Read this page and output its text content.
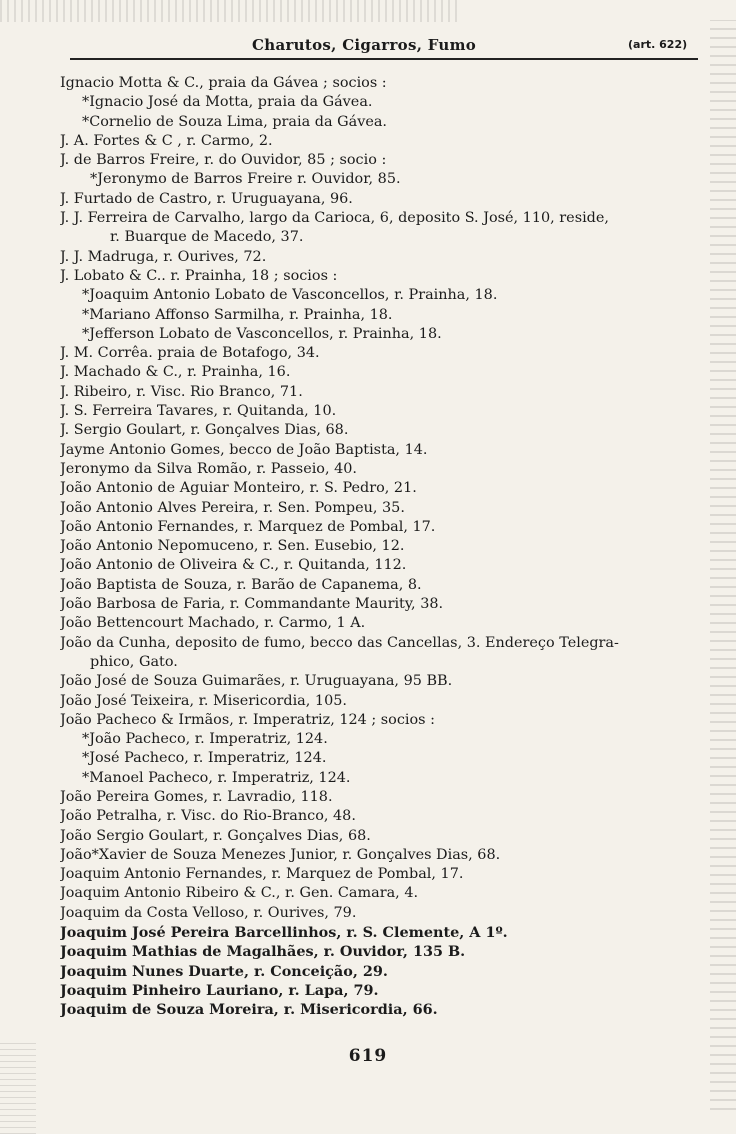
Charutos, Cigarros, Fumo	(art. 622)
Ignacio Motta & C., praia da Gávea ; socios :
*Ignacio José da Motta, praia da Gávea.
*Cornelio de Souza Lima, praia da Gávea.
J. A. Fortes & C , r. Carmo, 2.
J. de Barros Freire, r. do Ouvidor, 85 ; socio :
*Jeronymo de Barros Freire r. Ouvidor, 85.
J. Furtado de Castro, r. Uruguayana, 96.
J. J. Ferreira de Carvalho, largo da Carioca, 6, deposito S. José, 110, reside,
r. Buarque de Macedo, 37.
J. J. Madruga, r. Ourives, 72.
J. Lobato & C.. r. Prainha, 18 ; socios :
*Joaquim Antonio Lobato de Vasconcellos, r. Prainha, 18.
*Mariano Affonso Sarmilha, r. Prainha, 18.
*Jefferson Lobato de Vasconcellos, r. Prainha, 18.
J. M. Corrêa. praia de Botafogo, 34.
J. Machado & C., r. Prainha, 16.
J. Ribeiro, r. Visc. Rio Branco, 71.
J. S. Ferreira Tavares, r. Quitanda, 10.
J. Sergio Goulart, r. Gonçalves Dias, 68.
Jayme Antonio Gomes, becco de João Baptista, 14.
Jeronymo da Silva Romão, r. Passeio, 40.
João Antonio de Aguiar Monteiro, r. S. Pedro, 21.
João Antonio Alves Pereira, r. Sen. Pompeu, 35.
João Antonio Fernandes, r. Marquez de Pombal, 17.
João Antonio Nepomuceno, r. Sen. Eusebio, 12.
João Antonio de Oliveira & C., r. Quitanda, 112.
João Baptista de Souza, r. Barão de Capanema, 8.
João Barbosa de Faria, r. Commandante Maurity, 38.
João Bettencourt Machado, r. Carmo, 1 A.
João da Cunha, deposito de fumo, becco das Cancellas, 3. Endereço Telegra-
phico, Gato.
João José de Souza Guimarães, r. Uruguayana, 95 BB.
João José Teixeira, r. Misericordia, 105.
João Pacheco & Irmãos, r. Imperatriz, 124 ; socios :
*João Pacheco, r. Imperatriz, 124.
*José Pacheco, r. Imperatriz, 124.
*Manoel Pacheco, r. Imperatriz, 124.
João Pereira Gomes, r. Lavradio, 118.
João Petralha, r. Visc. do Rio-Branco, 48.
João Sergio Goulart, r. Gonçalves Dias, 68.
João*Xavier de Souza Menezes Junior, r. Gonçalves Dias, 68.
Joaquim Antonio Fernandes, r. Marquez de Pombal, 17.
Joaquim Antonio Ribeiro & C., r. Gen. Camara, 4.
Joaquim da Costa Velloso, r. Ourives, 79.
Joaquim José Pereira Barcellinhos, r. S. Clemente, A 1º.
Joaquim Mathias de Magalhães, r. Ouvidor, 135 B.
Joaquim Nunes Duarte, r. Conceição, 29.
Joaquim Pinheiro Lauriano, r. Lapa, 79.
Joaquim de Souza Moreira, r. Misericordia, 66.
619
